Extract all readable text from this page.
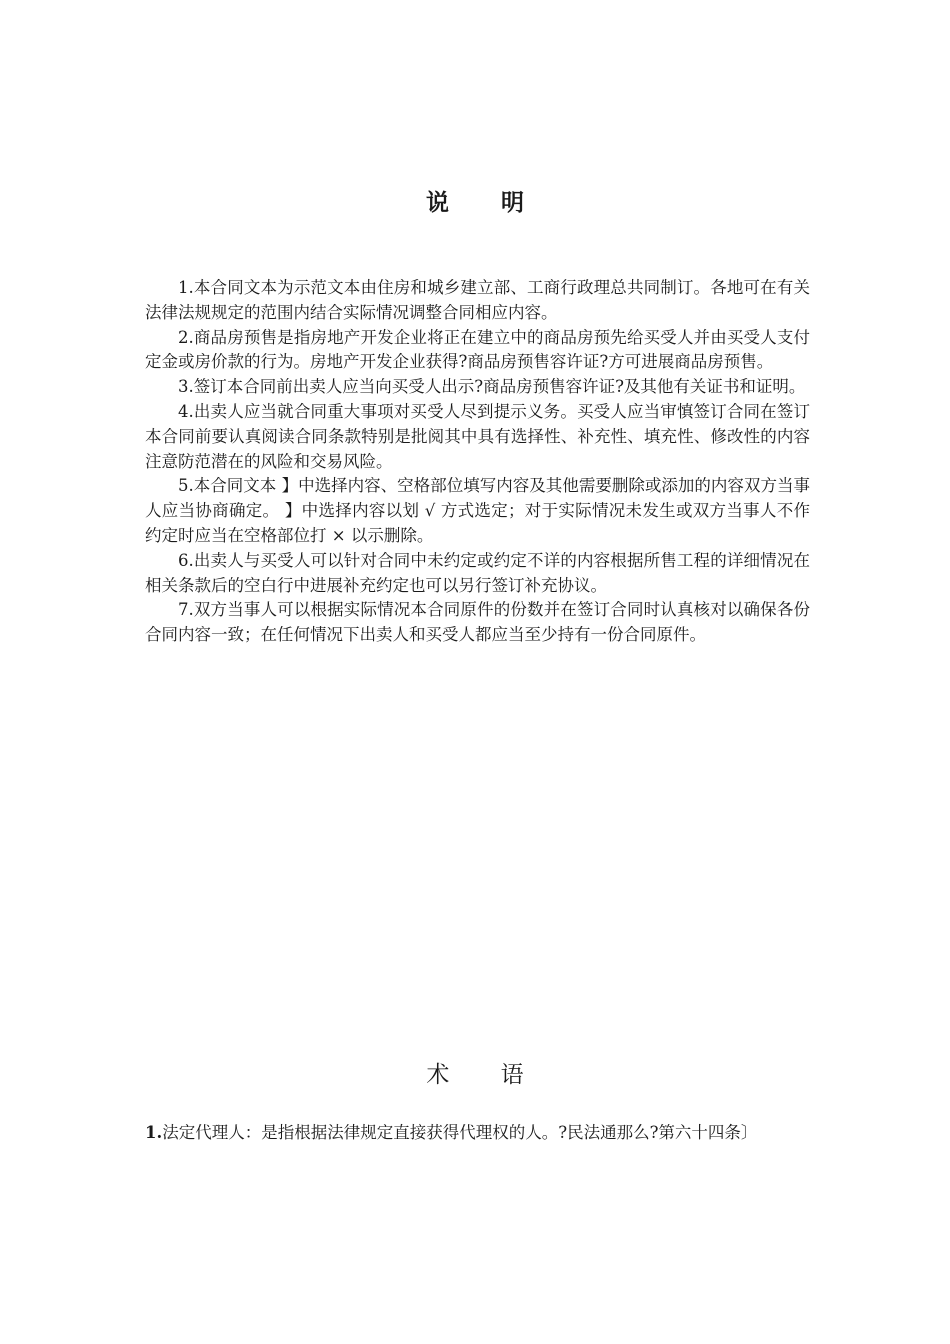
说 明

1.本合同文本为示范文本由住房和城乡建立部、工商行政理总共同制订。各地可在有关法律法规规定的范围内结合实际情况调整合同相应内容。

2.商品房预售是指房地产开发企业将正在建立中的商品房预先给买受人并由买受人支付定金或房价款的行为。房地产开发企业获得?商品房预售容许证?方可进展商品房预售。

3.签订本合同前出卖人应当向买受人出示?商品房预售容许证?及其他有关证书和证明。

4.出卖人应当就合同重大事项对买受人尽到提示义务。买受人应当审慎签订合同在签订本合同前要认真阅读合同条款特别是批阅其中具有选择性、补充性、填充性、修改性的内容注意防范潜在的风险和交易风险。

5.本合同文本 】中选择内容、空格部位填写内容及其他需要删除或添加的内容双方当事人应当协商确定。 】中选择内容以划 √ 方式选定；对于实际情况未发生或双方当事人不作约定时应当在空格部位打 × 以示删除。

6.出卖人与买受人可以针对合同中未约定或约定不详的内容根据所售工程的详细情况在相关条款后的空白行中进展补充约定也可以另行签订补充协议。

7.双方当事人可以根据实际情况本合同原件的份数并在签订合同时认真核对以确保各份合同内容一致；在任何情况下出卖人和买受人都应当至少持有一份合同原件。

术 语

1.法定代理人：是指根据法律规定直接获得代理权的人。?民法通那么?第六十四条〕
